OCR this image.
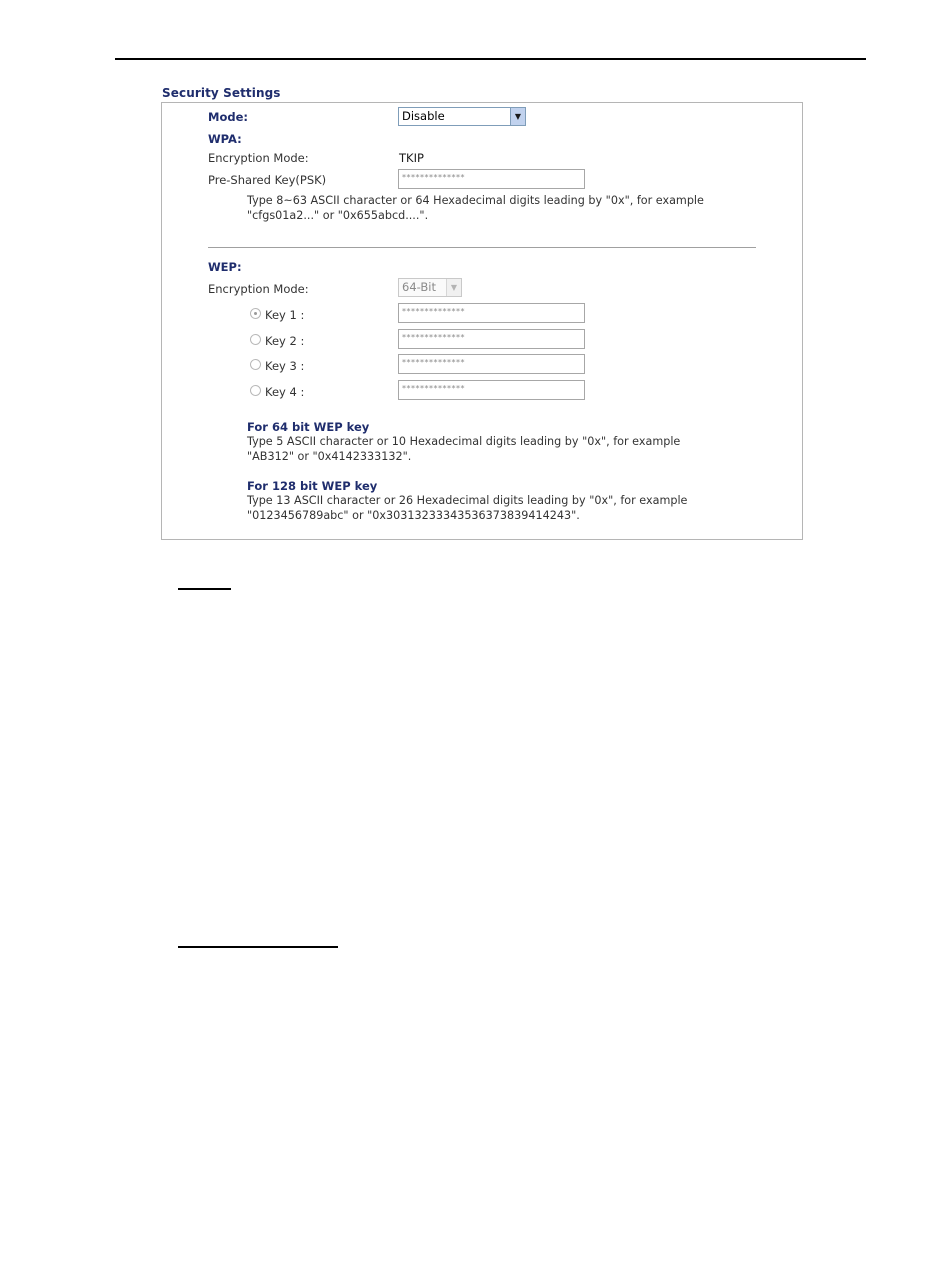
Security Settings
Mode:	Disable	▼
WPA:
Encryption Mode:	TKIP
Pre-Shared Key(PSK)	**************
Type 8~63 ASCII character or 64 Hexadecimal digits leading by "0x", for example
"cfgs01a2..." or "0x655abcd....".
WEP:
Encryption Mode:	64-Bit	▼
Key 1 :	**************
Key 2 :	**************
Key 3 :	**************
Key 4 :	**************
For 64 bit WEP key
Type 5 ASCII character or 10 Hexadecimal digits leading by "0x", for example
"AB312" or "0x4142333132".
For 128 bit WEP key
Type 13 ASCII character or 26 Hexadecimal digits leading by "0x", for example
"0123456789abc" or "0x30313233343536373839414243".
